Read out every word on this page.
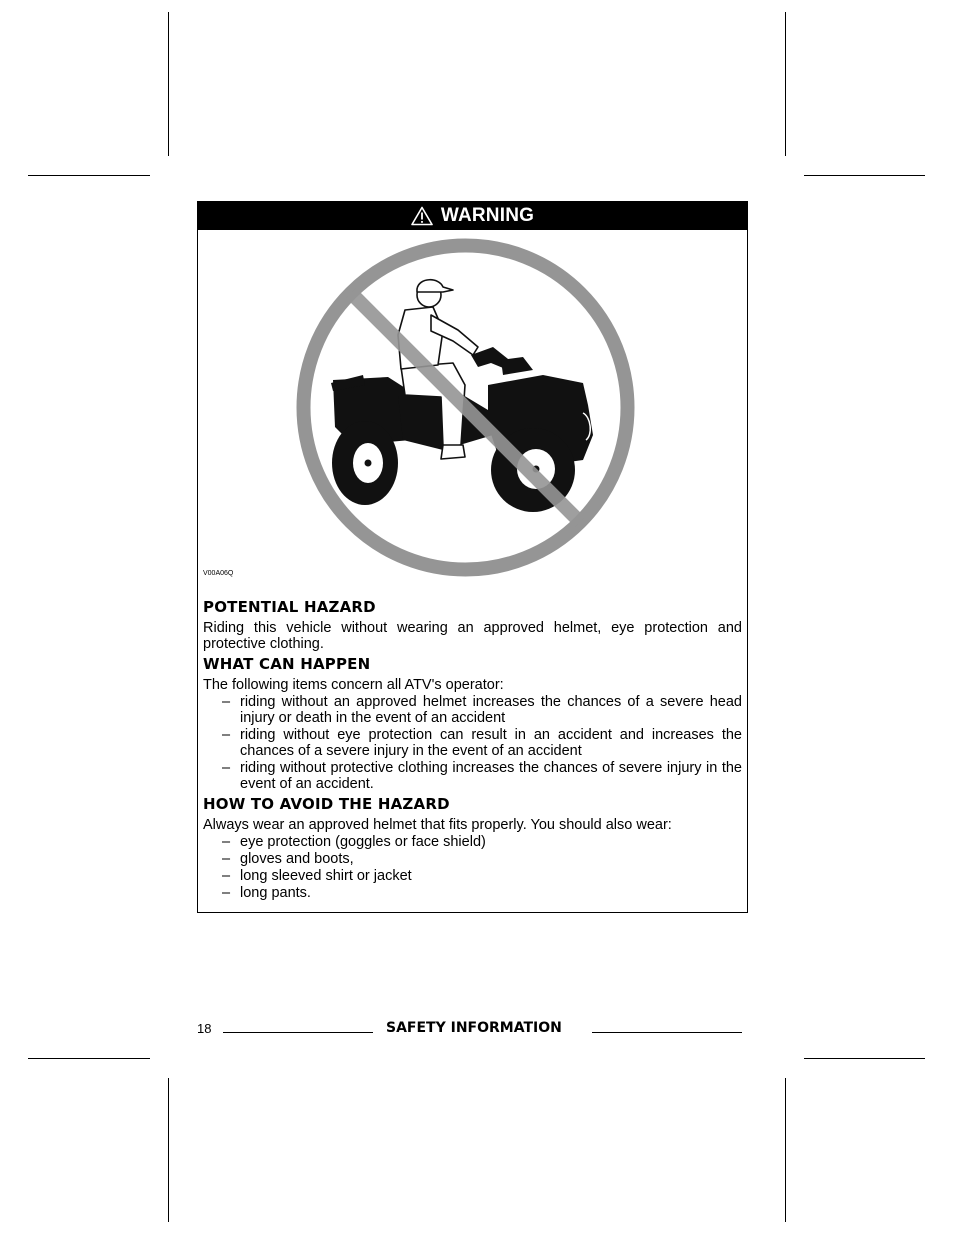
WARNING
V00A06Q
POTENTIAL HAZARD

Riding this vehicle without wearing an approved helmet, eye protection and protective clothing.

WHAT CAN HAPPEN

The following items concern all ATV's operator:

– riding without an approved helmet increases the chances of a severe head injury or death in the event of an accident
– riding without eye protection can result in an accident and increases the chances of a severe injury in the event of an accident
– riding without protective clothing increases the chances of severe injury in the event of an accident.
HOW TO AVOID THE HAZARD

Always wear an approved helmet that fits properly. You should also wear:

– eye protection (goggles or face shield)
– gloves and boots,
– long sleeved shirt or jacket
– long pants.
18	SAFETY INFORMATION
